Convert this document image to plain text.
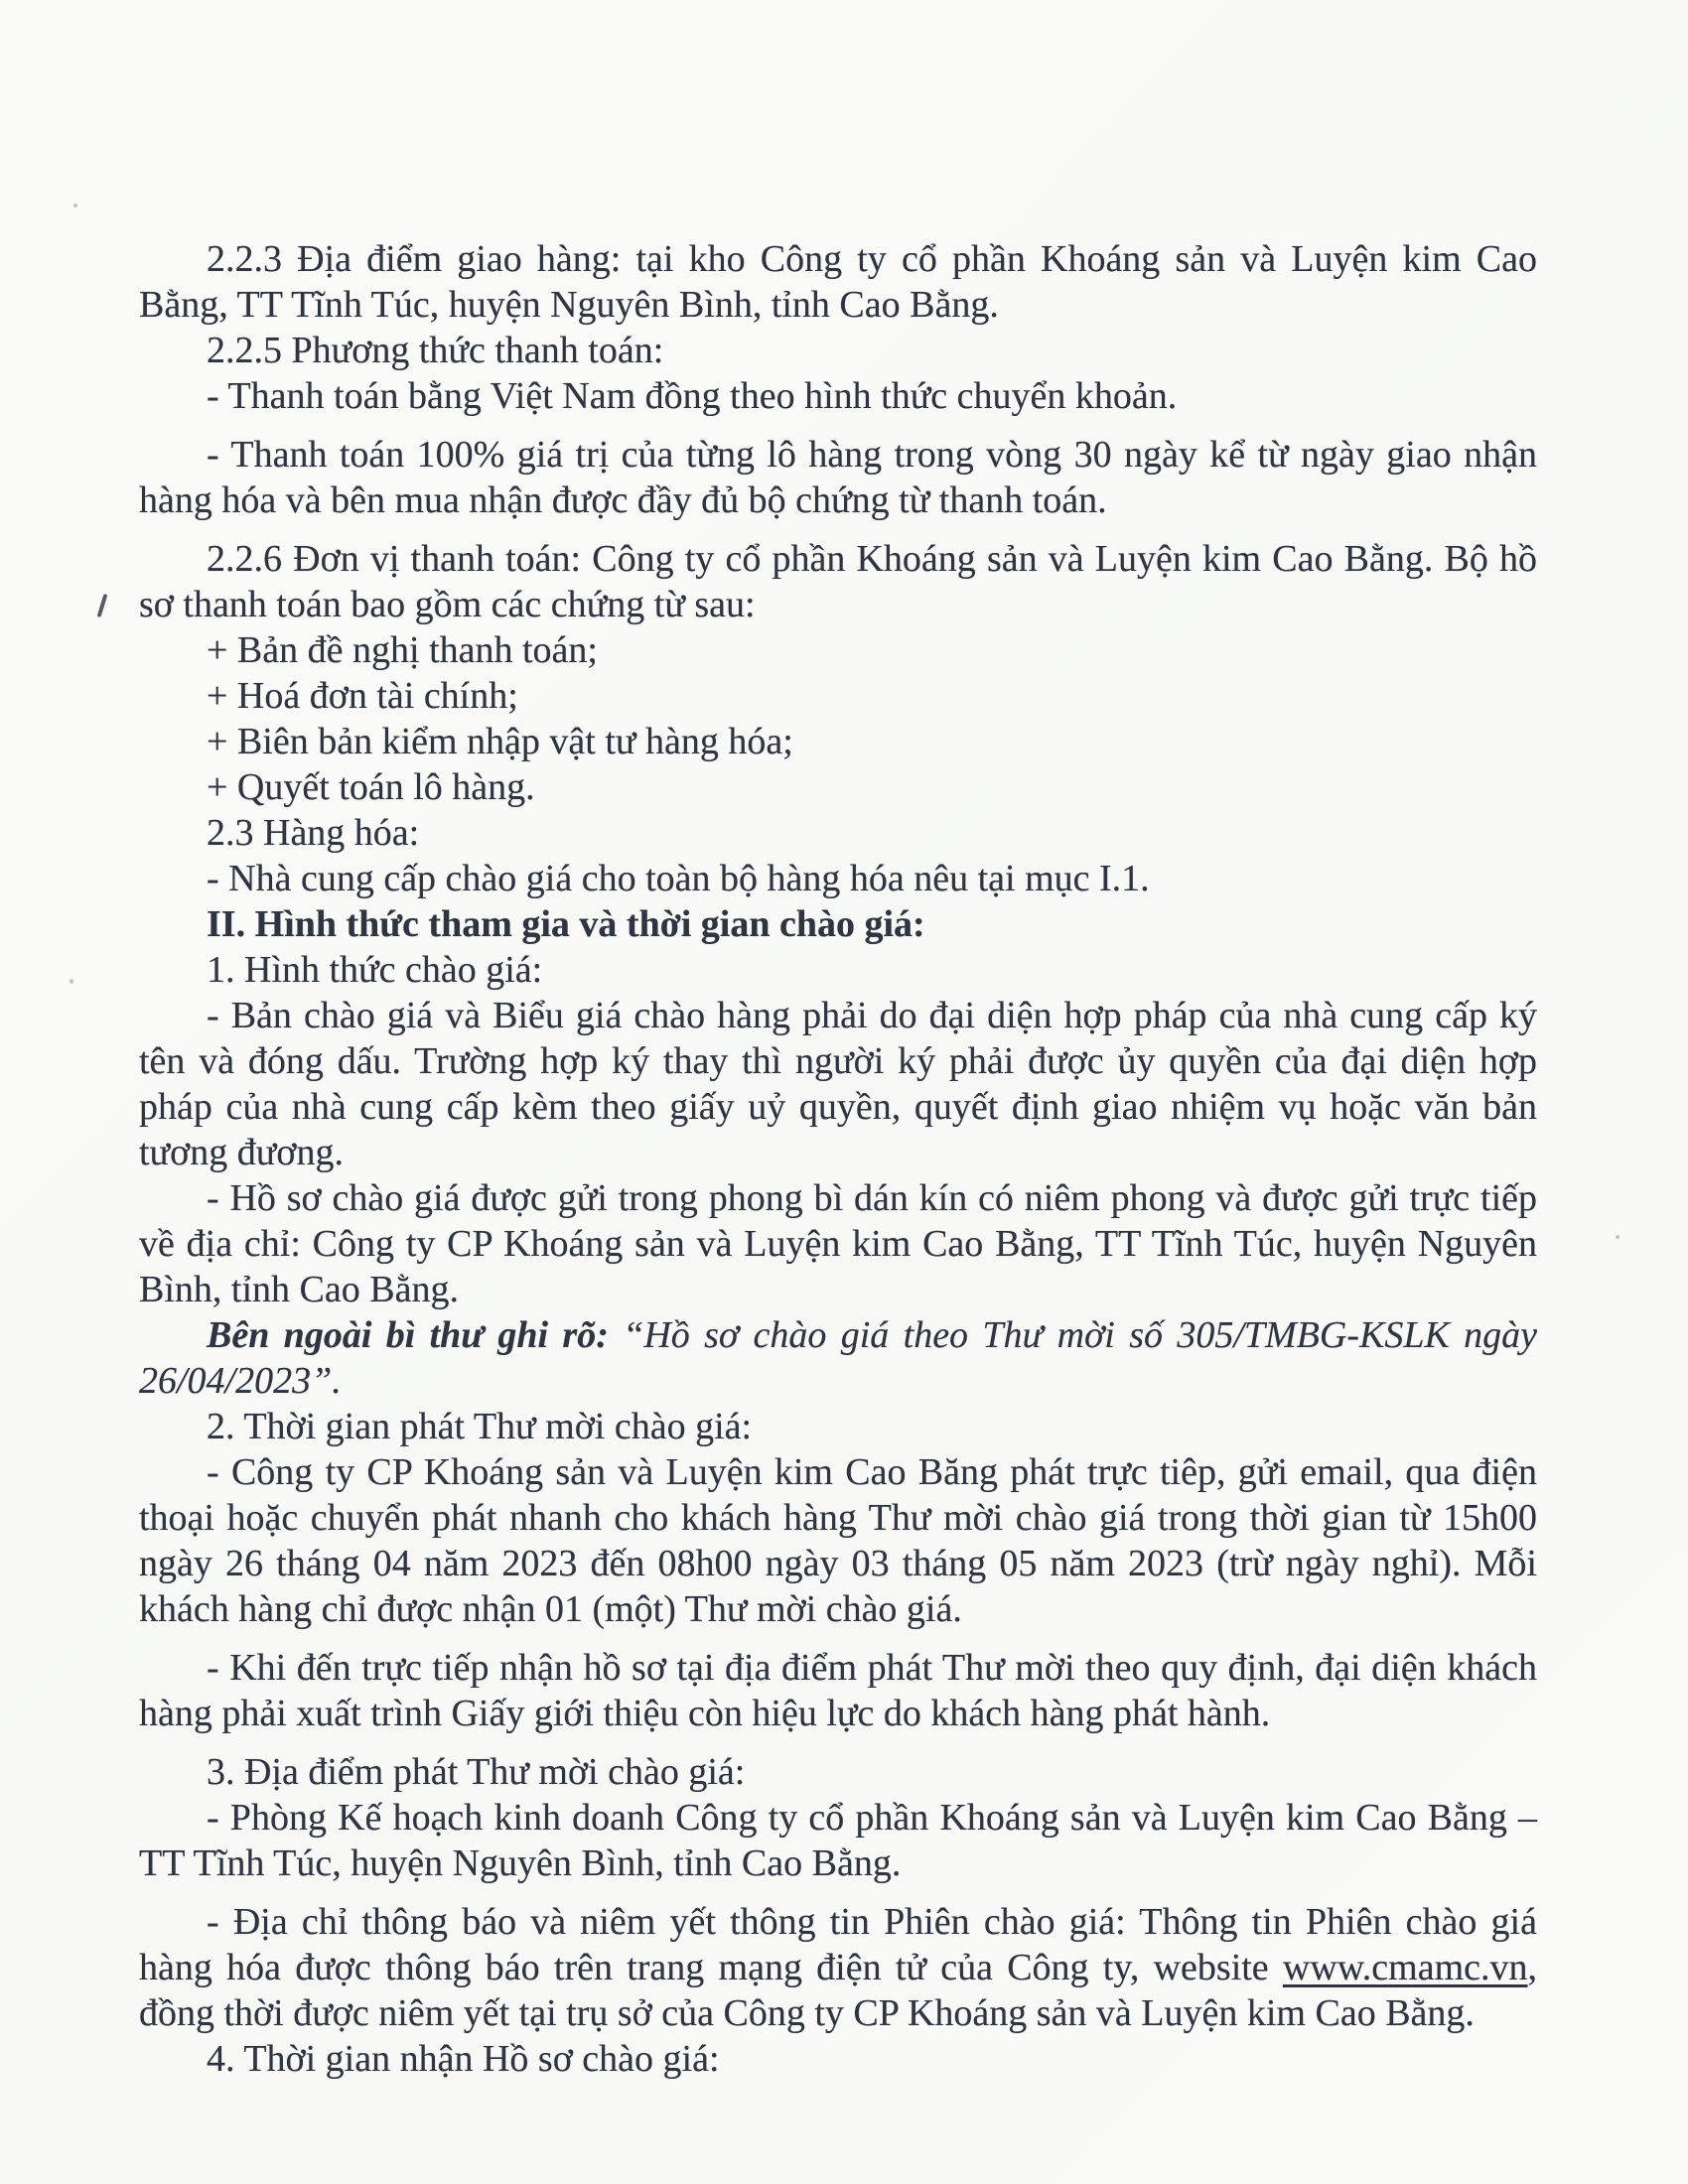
2.2.3 Địa điểm giao hàng: tại kho Công ty cổ phần Khoáng sản và Luyện kim Cao Bằng, TT Tĩnh Túc, huyện Nguyên Bình, tỉnh Cao Bằng.

2.2.5 Phương thức thanh toán:

- Thanh toán bằng Việt Nam đồng theo hình thức chuyển khoản.

- Thanh toán 100% giá trị của từng lô hàng trong vòng 30 ngày kể từ ngày giao nhận hàng hóa và bên mua nhận được đầy đủ bộ chứng từ thanh toán.

2.2.6 Đơn vị thanh toán: Công ty cổ phần Khoáng sản và Luyện kim Cao Bằng. Bộ hồ sơ thanh toán bao gồm các chứng từ sau:

+ Bản đề nghị thanh toán;

+ Hoá đơn tài chính;

+ Biên bản kiểm nhập vật tư hàng hóa;

+ Quyết toán lô hàng.

2.3 Hàng hóa:

- Nhà cung cấp chào giá cho toàn bộ hàng hóa nêu tại mục I.1.

II. Hình thức tham gia và thời gian chào giá:

1. Hình thức chào giá:

- Bản chào giá và Biểu giá chào hàng phải do đại diện hợp pháp của nhà cung cấp ký tên và đóng dấu. Trường hợp ký thay thì người ký phải được ủy quyền của đại diện hợp pháp của nhà cung cấp kèm theo giấy uỷ quyền, quyết định giao nhiệm vụ hoặc văn bản tương đương.

- Hồ sơ chào giá được gửi trong phong bì dán kín có niêm phong và được gửi trực tiếp về địa chỉ: Công ty CP Khoáng sản và Luyện kim Cao Bằng, TT Tĩnh Túc, huyện Nguyên Bình, tỉnh Cao Bằng.

Bên ngoài bì thư ghi rõ: “Hồ sơ chào giá theo Thư mời số 305/TMBG-KSLK ngày 26/04/2023”.

2. Thời gian phát Thư mời chào giá:

- Công ty CP Khoáng sản và Luyện kim Cao Băng phát trực tiêp, gửi email, qua điện thoại hoặc chuyển phát nhanh cho khách hàng Thư mời chào giá trong thời gian từ 15h00 ngày 26 tháng 04 năm 2023 đến 08h00 ngày 03 tháng 05 năm 2023 (trừ ngày nghỉ). Mỗi khách hàng chỉ được nhận 01 (một) Thư mời chào giá.

- Khi đến trực tiếp nhận hồ sơ tại địa điểm phát Thư mời theo quy định, đại diện khách hàng phải xuất trình Giấy giới thiệu còn hiệu lực do khách hàng phát hành.

3. Địa điểm phát Thư mời chào giá:

- Phòng Kế hoạch kinh doanh Công ty cổ phần Khoáng sản và Luyện kim Cao Bằng – TT Tĩnh Túc, huyện Nguyên Bình, tỉnh Cao Bằng.

- Địa chỉ thông báo và niêm yết thông tin Phiên chào giá: Thông tin Phiên chào giá hàng hóa được thông báo trên trang mạng điện tử của Công ty, website www.cmamc.vn, đồng thời được niêm yết tại trụ sở của Công ty CP Khoáng sản và Luyện kim Cao Bằng.

4. Thời gian nhận Hồ sơ chào giá:
